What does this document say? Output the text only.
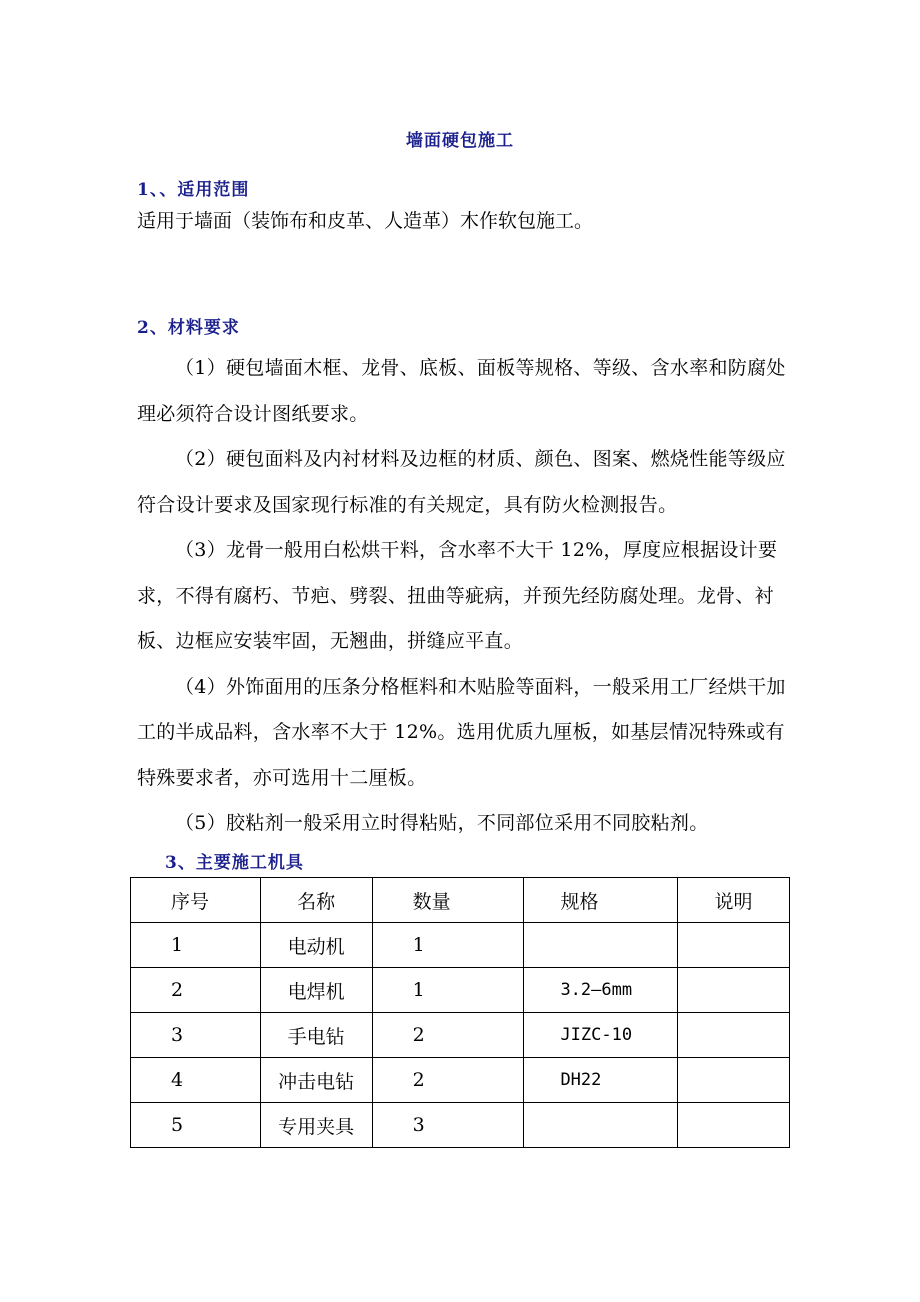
墙面硬包施工
1、、适用范围
适用于墙面（装饰布和皮革、人造革）木作软包施工。
2、材料要求

（1）硬包墙面木框、龙骨、底板、面板等规格、等级、含水率和防腐处理必须符合设计图纸要求。

（2）硬包面料及内衬材料及边框的材质、颜色、图案、燃烧性能等级应符合设计要求及国家现行标准的有关规定，具有防火检测报告。

（3）龙骨一般用白松烘干料，含水率不大干 12%，厚度应根据设计要求，不得有腐朽、节疤、劈裂、扭曲等疵病，并预先经防腐处理。龙骨、衬板、边框应安装牢固，无翘曲，拼缝应平直。

（4）外饰面用的压条分格框料和木贴脸等面料，一般采用工厂经烘干加工的半成品料，含水率不大于 12%。选用优质九厘板，如基层情况特殊或有特殊要求者，亦可选用十二厘板。

（5）胶粘剂一般采用立时得粘贴，不同部位采用不同胶粘剂。

3、主要施工机具
序号	名称	数量	规格	说明
1	电动机	1		
2	电焊机	1	3.2—6mm	
3	手电钻	2	JIZC-10	
4	冲击电钻	2	DH22	
5	专用夹具	3		
